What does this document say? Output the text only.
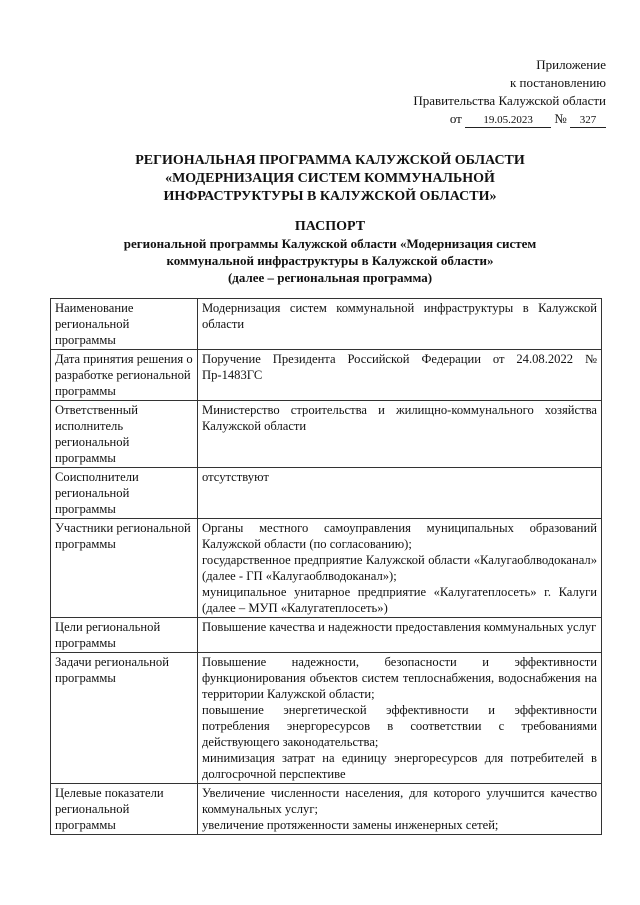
Приложение
к постановлению
Правительства Калужской области
от 19.05.2023 № 327
РЕГИОНАЛЬНАЯ ПРОГРАММА КАЛУЖСКОЙ ОБЛАСТИ
«МОДЕРНИЗАЦИЯ СИСТЕМ КОММУНАЛЬНОЙ ИНФРАСТРУКТУРЫ В КАЛУЖСКОЙ ОБЛАСТИ»
ПАСПОРТ
региональной программы Калужской области «Модернизация систем
коммунальной инфраструктуры в Калужской области»
(далее – региональная программа)
Наименование региональной программы	Модернизация систем коммунальной инфраструктуры в Калужской области

Дата принятия решения о разработке региональной программы	Поручение Президента Российской Федерации от 24.08.2022 № Пр-1483ГС

Ответственный исполнитель региональной программы	Министерство строительства и жилищно-коммунального хозяйства Калужской области

Соисполнители региональной программы	отсутствуют

Участники региональной программы	Органы местного самоуправления муниципальных образований Калужской области (по согласованию);
государственное предприятие Калужской области «Калугаоблводоканал» (далее - ГП «Калугаоблводоканал»);
муниципальное унитарное предприятие «Калугатеплосеть» г. Калуги (далее – МУП «Калугатеплосеть»)

Цели региональной программы	Повышение качества и надежности предоставления коммунальных услуг

Задачи региональной программы	Повышение надежности, безопасности и эффективности функционирования объектов систем теплоснабжения, водоснабжения на территории Калужской области;
повышение энергетической эффективности и эффективности потребления энергоресурсов в соответствии с требованиями действующего законодательства;
минимизация затрат на единицу энергоресурсов для потребителей в долгосрочной перспективе

Целевые показатели региональной программы	Увеличение численности населения, для которого улучшится качество коммунальных услуг;
увеличение протяженности замены инженерных сетей;
